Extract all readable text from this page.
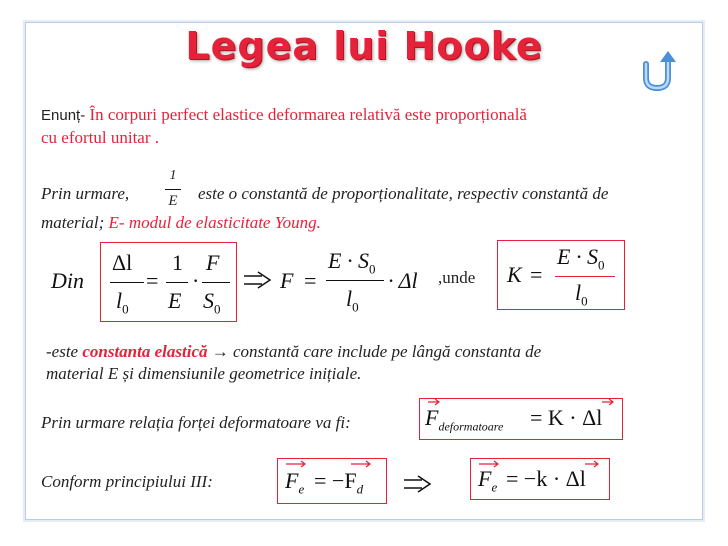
Legea lui Hooke
Enunț- În corpuri perfect elastice deformarea relativă este proporțională
cu efortul unitar .
Prin urmare,
1
E este o constantă de proporționalitate, respectiv constantă de
material; E- modul de elasticitate Young.
Din
Δl
$l_0$
=
1
E
·
F
$S_0$
F =
$E \cdot S_0$
$l_0$
· Δl ,unde K =
$E \cdot S_0$
$l_0$
-este constanta elastică → constantă care include pe lângă constanta de
material E și dimensiunile geometrice inițiale.
Prin urmare relația forței deformatoare va fi:	$F_{deformatoare} = K \cdot \Delta l$
Conform principiului III:	$F_e = -F_d$	$F_e = -k \cdot \Delta l$
